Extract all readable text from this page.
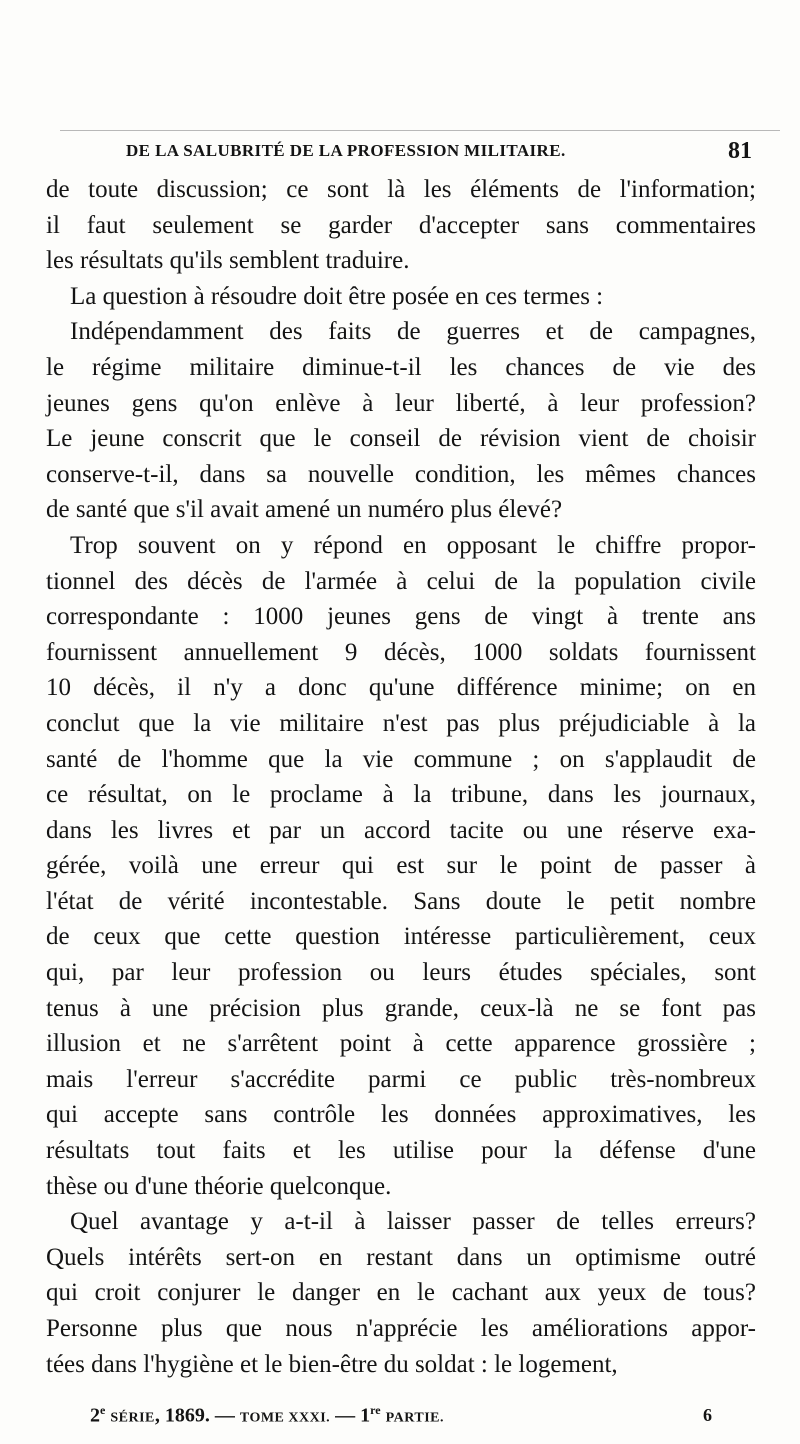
DE LA SALUBRITÉ DE LA PROFESSION MILITAIRE.	81
de toute discussion; ce sont là les éléments de l'information;
il faut seulement se garder d'accepter sans commentaires
les résultats qu'ils semblent traduire.
La question à résoudre doit être posée en ces termes :
Indépendamment des faits de guerres et de campagnes,
le régime militaire diminue-t-il les chances de vie des
jeunes gens qu'on enlève à leur liberté, à leur profession?
Le jeune conscrit que le conseil de révision vient de choisir
conserve-t-il, dans sa nouvelle condition, les mêmes chances
de santé que s'il avait amené un numéro plus élevé?
Trop souvent on y répond en opposant le chiffre propor-
tionnel des décès de l'armée à celui de la population civile
correspondante : 1000 jeunes gens de vingt à trente ans
fournissent annuellement 9 décès, 1000 soldats fournissent
10 décès, il n'y a donc qu'une différence minime; on en
conclut que la vie militaire n'est pas plus préjudiciable à la
santé de l'homme que la vie commune ; on s'applaudit de
ce résultat, on le proclame à la tribune, dans les journaux,
dans les livres et par un accord tacite ou une réserve exa-
gérée, voilà une erreur qui est sur le point de passer à
l'état de vérité incontestable. Sans doute le petit nombre
de ceux que cette question intéresse particulièrement, ceux
qui, par leur profession ou leurs études spéciales, sont
tenus à une précision plus grande, ceux-là ne se font pas
illusion et ne s'arrêtent point à cette apparence grossière ;
mais l'erreur s'accrédite parmi ce public très-nombreux
qui accepte sans contrôle les données approximatives, les
résultats tout faits et les utilise pour la défense d'une
thèse ou d'une théorie quelconque.
Quel avantage y a-t-il à laisser passer de telles erreurs?
Quels intérêts sert-on en restant dans un optimisme outré
qui croit conjurer le danger en le cachant aux yeux de tous?
Personne plus que nous n'apprécie les améliorations appor-
tées dans l'hygiène et le bien-être du soldat : le logement,
2e SÉRIE, 1869. — TOME XXXI. — 1re PARTIE.	6
